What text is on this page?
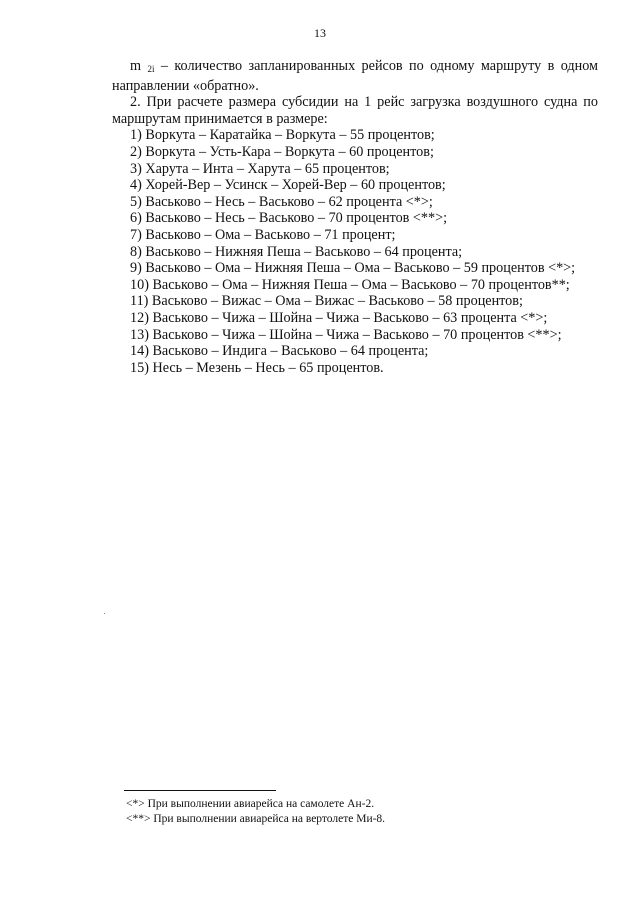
13

m $_{2i}$ – количество запланированных рейсов по одному маршруту в одном направлении «обратно».

2. При расчете размера субсидии на 1 рейс загрузка воздушного судна по маршрутам принимается в размере:

1) Воркута – Каратайка – Воркута – 55 процентов;
2) Воркута – Усть-Кара – Воркута – 60 процентов;
3) Харута – Инта – Харута – 65 процентов;
4) Хорей-Вер – Усинск – Хорей-Вер – 60 процентов;
5) Васьково – Несь – Васьково – 62 процента <*>;
6) Васьково – Несь – Васьково – 70 процентов <**>;
7) Васьково – Ома – Васьково – 71 процент;
8) Васьково – Нижняя Пеша – Васьково – 64 процента;
9) Васьково – Ома – Нижняя Пеша – Ома – Васьково – 59 процентов <*>;
10) Васьково – Ома – Нижняя Пеша – Ома – Васьково – 70 процентов**;
11) Васьково – Вижас – Ома – Вижас – Васьково – 58 процентов;
12) Васьково – Чижа – Шойна – Чижа – Васьково – 63 процента <*>;
13) Васьково – Чижа – Шойна – Чижа – Васьково – 70 процентов <**>;
14) Васьково – Индига – Васьково – 64 процента;
15) Несь – Мезень – Несь – 65 процентов.
<*> При выполнении авиарейса на самолете Ан-2.
<**> При выполнении авиарейса на вертолете Ми-8.
